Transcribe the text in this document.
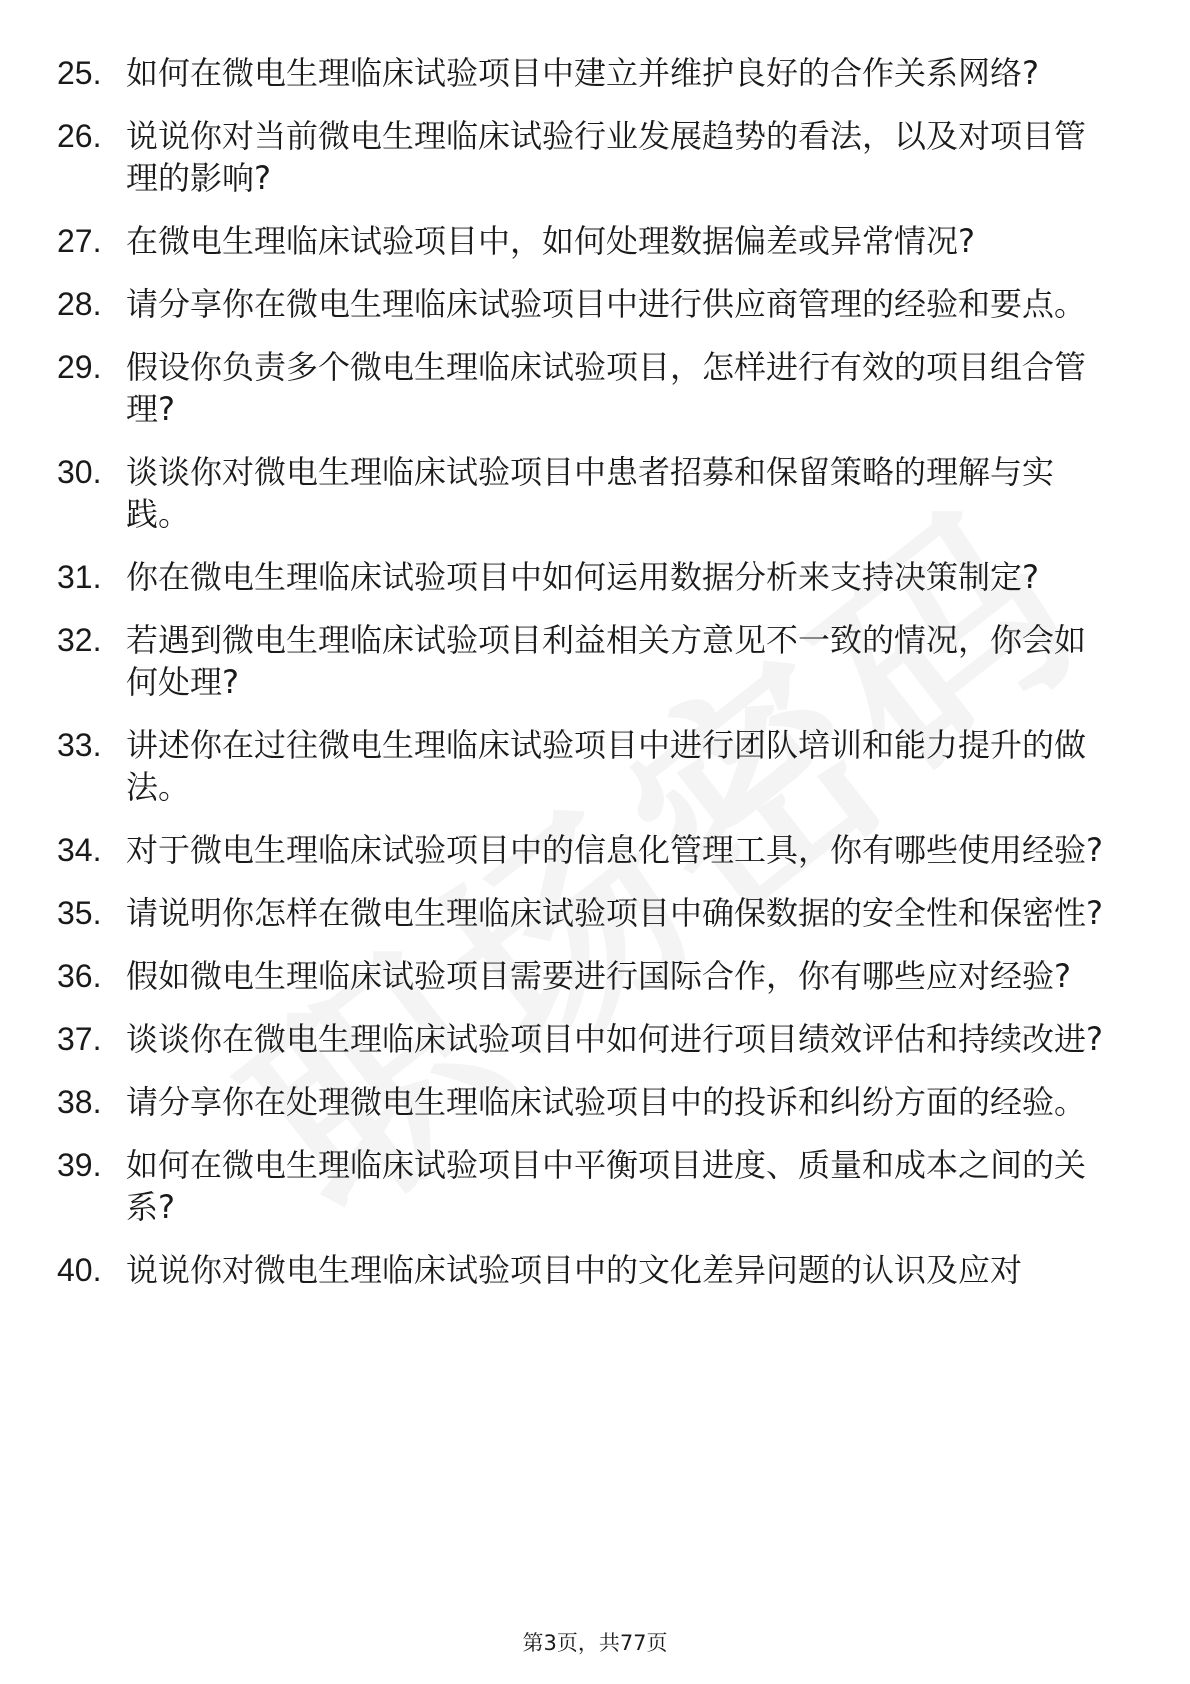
25. 如何在微电生理临床试验项目中建立并维护良好的合作关系网络?
26. 说说你对当前微电生理临床试验行业发展趋势的看法，以及对项目管理的影响?
27. 在微电生理临床试验项目中，如何处理数据偏差或异常情况?
28. 请分享你在微电生理临床试验项目中进行供应商管理的经验和要点。
29. 假设你负责多个微电生理临床试验项目，怎样进行有效的项目组合管理?
30. 谈谈你对微电生理临床试验项目中患者招募和保留策略的理解与实践。
31. 你在微电生理临床试验项目中如何运用数据分析来支持决策制定?
32. 若遇到微电生理临床试验项目利益相关方意见不一致的情况，你会如何处理?
33. 讲述你在过往微电生理临床试验项目中进行团队培训和能力提升的做法。
34. 对于微电生理临床试验项目中的信息化管理工具，你有哪些使用经验?
35. 请说明你怎样在微电生理临床试验项目中确保数据的安全性和保密性?
36. 假如微电生理临床试验项目需要进行国际合作，你有哪些应对经验?
37. 谈谈你在微电生理临床试验项目中如何进行项目绩效评估和持续改进?
38. 请分享你在处理微电生理临床试验项目中的投诉和纠纷方面的经验。
39. 如何在微电生理临床试验项目中平衡项目进度、质量和成本之间的关系?
40. 说说你对微电生理临床试验项目中的文化差异问题的认识及应对
第3页，共77页
